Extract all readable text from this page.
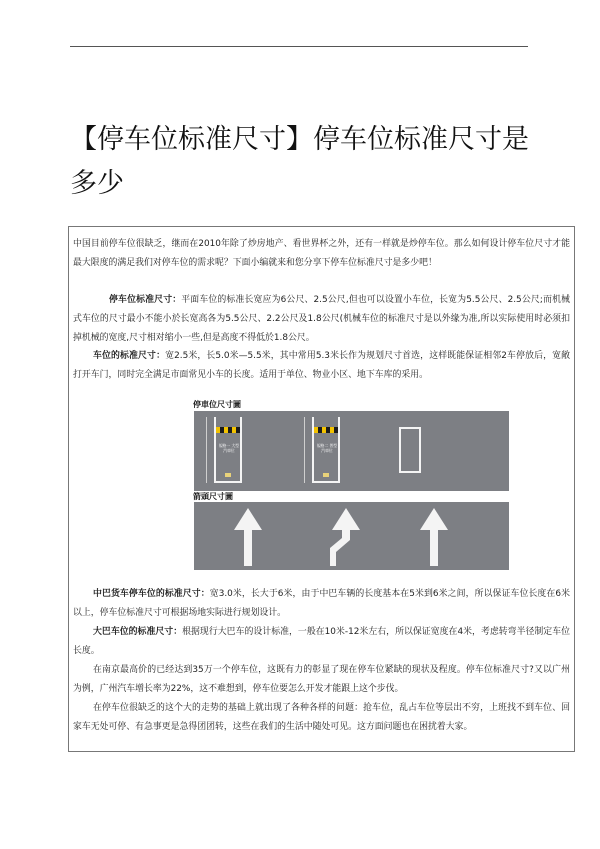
【停车位标准尺寸】停车位标准尺寸是多少

中国目前停车位很缺乏，继而在2010年除了炒房地产、看世界杯之外，还有一样就是炒停车位。那么如何设计停车位尺寸才能最大限度的满足我们对停车位的需求呢？下面小编就来和您分享下停车位标准尺寸是多少吧！

停车位标准尺寸：平面车位的标准长宽应为6公尺、2.5公尺,但也可以设置小车位，长宽为5.5公尺、2.5公尺;而机械式车位的尺寸最小不能小於长宽高各为5.5公尺、2.2公尺及1.8公尺(机械车位的标准尺寸是以外缘为准,所以实际使用时必须扣掉机械的宽度,尺寸相对缩小一些,但是高度不得低於1.8公尺。

车位的标准尺寸：宽2.5米，长5.0米—5.5米，其中常用5.3米长作为规划尺寸首选，这样既能保证相邻2车停放后，宽敞打开车门，同时完全满足市面常见小车的长度。适用于单位、物业小区、地下车库的采用。

停車位尺寸圖
規格一 大型汽車位
規格二 普型汽車位
箭頭尺寸圖

中巴货车停车位的标准尺寸：宽3.0米，长大于6米，由于中巴车辆的长度基本在5米到6米之间，所以保证车位长度在6米以上，停车位标准尺寸可根据场地实际进行规划设计。

大巴车位的标准尺寸：根据现行大巴车的设计标准，一般在10米-12米左右，所以保证宽度在4米，考虑转弯半径制定车位长度。

在南京最高价的已经达到35万一个停车位，这既有力的彰显了现在停车位紧缺的现状及程度。停车位标准尺寸?又以广州为例，广州汽车增长率为22%，这不难想到，停车位要怎么开发才能跟上这个步伐。

在停车位很缺乏的这个大的走势的基础上就出现了各种各样的问题：抢车位，乱占车位等层出不穷，上班找不到车位、回家车无处可停、有急事更是急得团团转，这些在我们的生活中随处可见。这方面问题也在困扰着大家。
